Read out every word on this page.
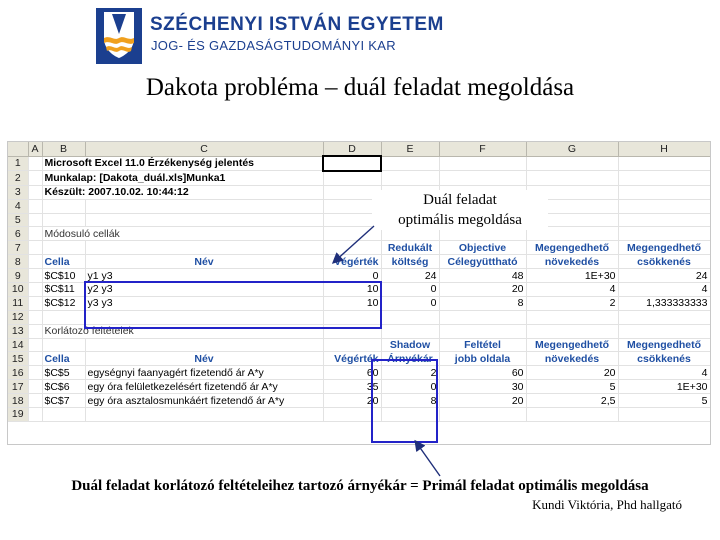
SZÉCHENYI ISTVÁN EGYETEM
JOG- ÉS GAZDASÁGTUDOMÁNYI KAR
Dakota probléma – duál feladat megoldása
	A	B	C	D	E	F	G	H
1		Microsoft Excel 11.0 Érzékenység jelentés						
2		Munkalap: [Dakota_duál.xls]Munka1						
3		Készült: 2007.10.02. 10:44:12						
4								
5								
6		Módosuló cellák						
7					Redukált	Objective	Megengedhető	Megengedhető
8		Cella	Név	Végérték	költség	Célegyüttható	növekedés	csökkenés
9		$C$10	y1 y3	0	24	48	1E+30	24
10		$C$11	y2 y3	10	0	20	4	4
11		$C$12	y3 y3	10	0	8	2	1,333333333
12								
13		Korlátozó feltételek						
14					Shadow	Feltétel	Megengedhető	Megengedhető
15		Cella	Név	Végérték	Árnyékár	jobb oldala	növekedés	csökkenés
16		$C$5	egységnyi faanyagért fizetendő ár A*y	60	2	60	20	4
17		$C$6	egy óra felületkezelésért fizetendő ár A*y	35	0	30	5	1E+30
18		$C$7	egy óra asztalosmunkáért fizetendő ár A*y	20	8	20	2,5	5
19								
Duál feladat
optimális megoldása
Duál feladat korlátozó feltételeihez tartozó árnyékár = Primál feladat optimális megoldása
Kundi Viktória, Phd hallgató
